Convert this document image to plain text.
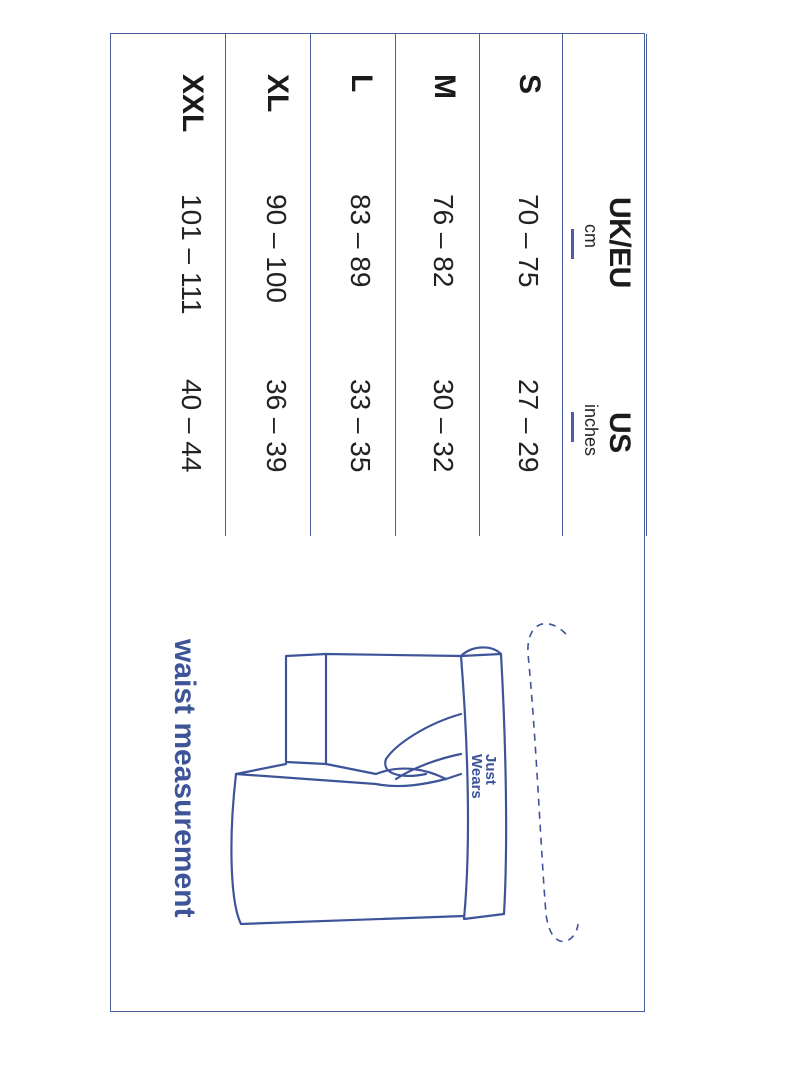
UK/EU
cm
US
inches
S
70 – 75
27 – 29
M
76 – 82
30 – 32
L
83 – 89
33 – 35
XL
90 – 100
36 – 39
XXL
101 – 111
40 – 44
Just Wears
waist measurement
